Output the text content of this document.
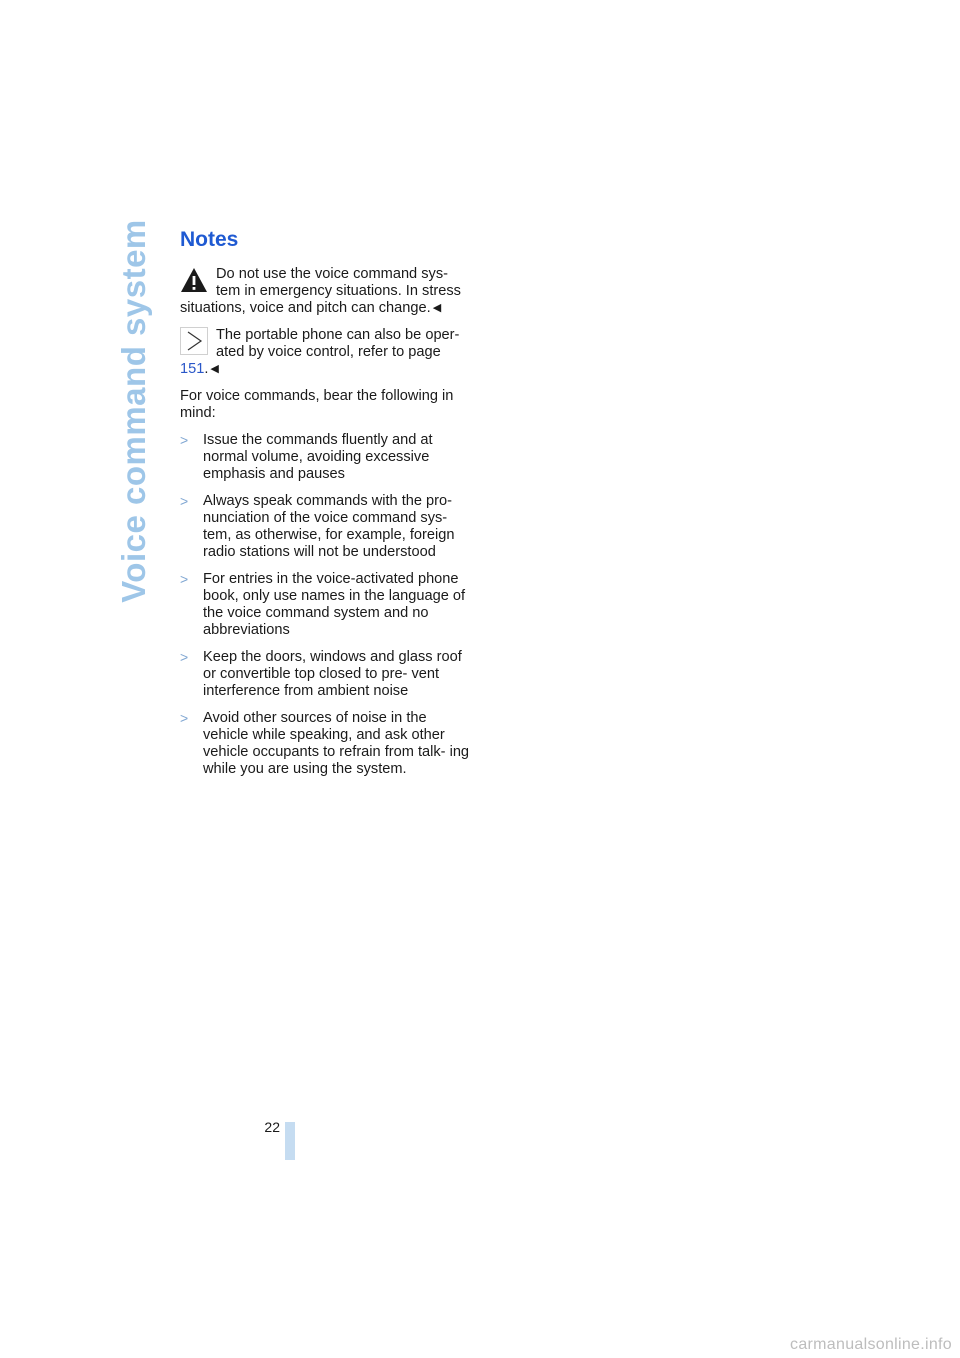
Voice command system Notes

Do not use the voice command sys- tem in emergency situations. In stress situations, voice and pitch can change. ◀

The portable phone can also be oper- ated by voice control, refer to page 151. ◀

For voice commands, bear the following in mind:

> Issue the commands fluently and at normal volume, avoiding excessive emphasis and pauses
> Always speak commands with the pro- nunciation of the voice command sys- tem, as otherwise, for example, foreign radio stations will not be understood
> For entries in the voice-activated phone book, only use names in the language of the voice command system and no abbreviations
> Keep the doors, windows and glass roof or convertible top closed to pre- vent interference from ambient noise
> Avoid other sources of noise in the vehicle while speaking, and ask other vehicle occupants to refrain from talk- ing while you are using the system.
22
carmanualsonline.info
